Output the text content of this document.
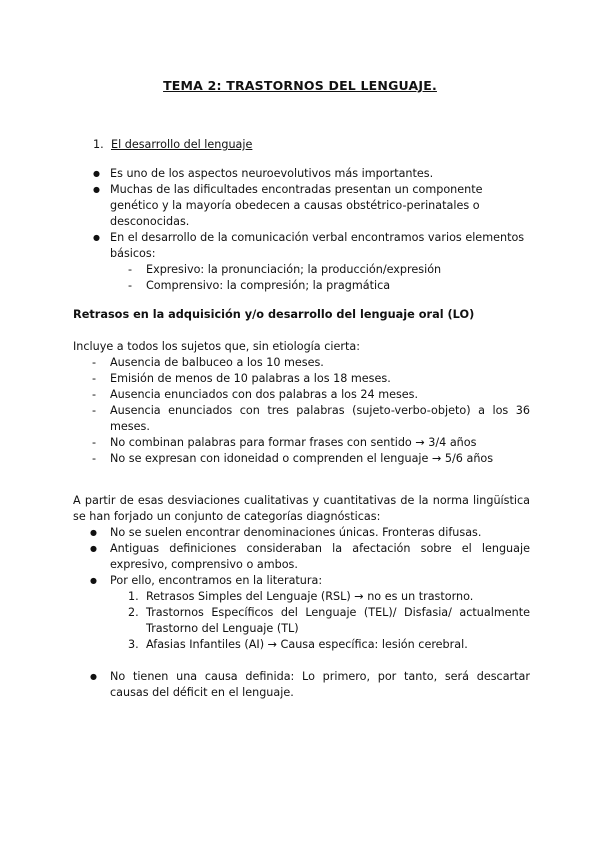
TEMA 2: TRASTORNOS DEL LENGUAJE.
1. El desarrollo del lenguaje
● Es uno de los aspectos neuroevolutivos más importantes.
● Muchas de las dificultades encontradas presentan un componente genético y la mayoría obedecen a causas obstétrico-perinatales o desconocidas.
● En el desarrollo de la comunicación verbal encontramos varios elementos básicos:
-	Expresivo: la pronunciación; la producción/expresión
-	Comprensivo: la compresión; la pragmática
Retrasos en la adquisición y/o desarrollo del lenguaje oral (LO)
Incluye a todos los sujetos que, sin etiología cierta:
-	Ausencia de balbuceo a los 10 meses.
-	Emisión de menos de 10 palabras a los 18 meses.
-	Ausencia enunciados con dos palabras a los 24 meses.
-	Ausencia enunciados con tres palabras (sujeto-verbo-objeto) a los 36 meses.
-	No combinan palabras para formar frases con sentido → 3/4 años
-	No se expresan con idoneidad o comprenden el lenguaje → 5/6 años
A partir de esas desviaciones cualitativas y cuantitativas de la norma lingüística se han forjado un conjunto de categorías diagnósticas:
●	No se suelen encontrar denominaciones únicas. Fronteras difusas.
●	Antiguas definiciones consideraban la afectación sobre el lenguaje expresivo, comprensivo o ambos.
●	Por ello, encontramos en la literatura:
1. Retrasos Simples del Lenguaje (RSL) → no es un trastorno.
2. Trastornos Específicos del Lenguaje (TEL)/ Disfasia/ actualmente Trastorno del Lenguaje (TL)
3. Afasias Infantiles (AI) → Causa específica: lesión cerebral.
●	No tienen una causa definida: Lo primero, por tanto, será descartar causas del déficit en el lenguaje.
